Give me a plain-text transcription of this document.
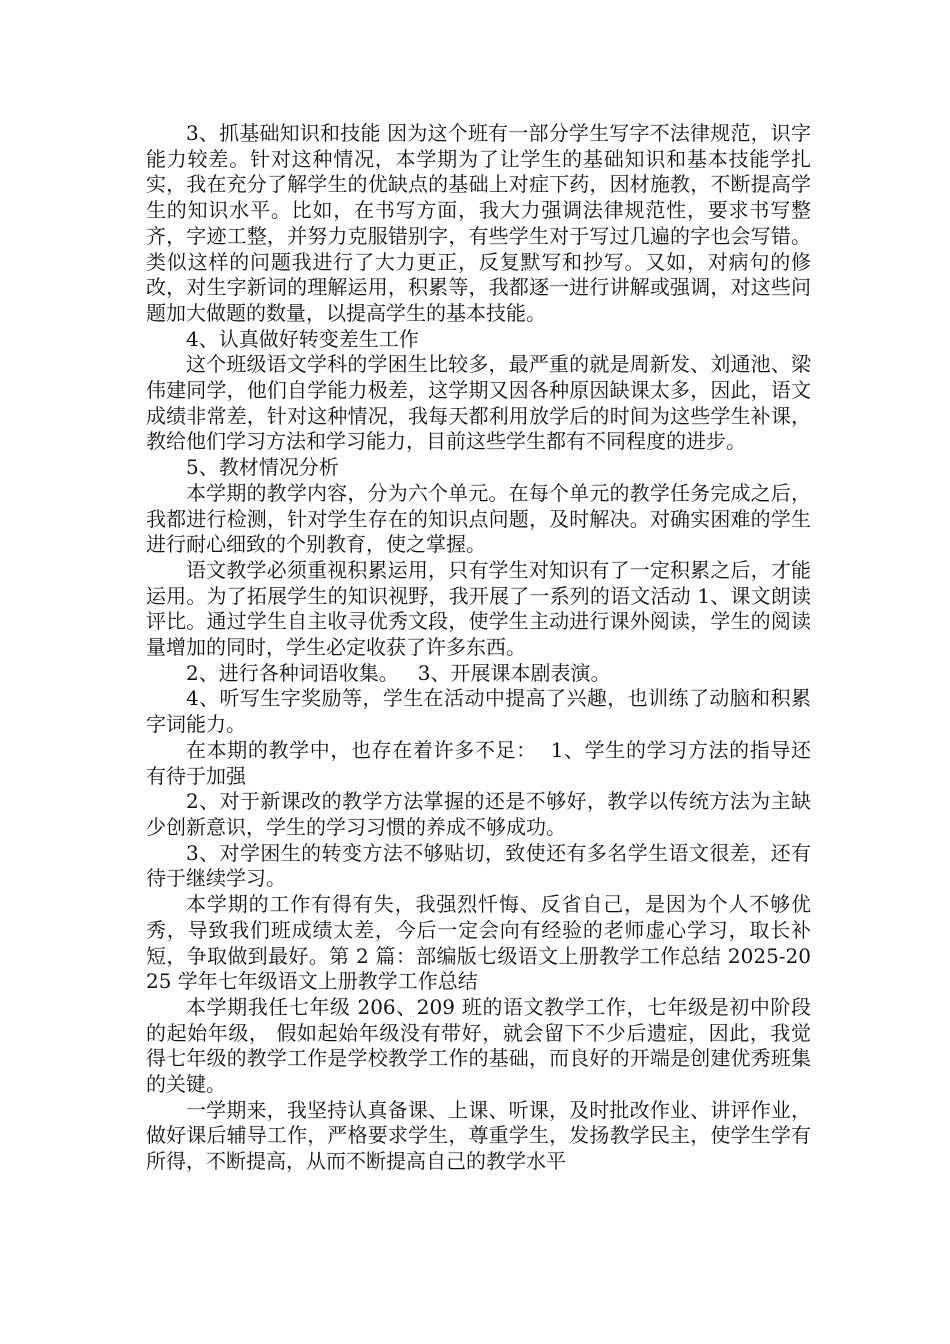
3、抓基础知识和技能 因为这个班有一部分学生写字不法律规范，识字能力较差。针对这种情况，本学期为了让学生的基础知识和基本技能学扎实，我在充分了解学生的优缺点的基础上对症下药，因材施教，不断提高学生的知识水平。比如，在书写方面，我大力强调法律规范性，要求书写整齐，字迹工整，并努力克服错别字，有些学生对于写过几遍的字也会写错。类似这样的问题我进行了大力更正，反复默写和抄写。又如，对病句的修改，对生字新词的理解运用，积累等，我都逐一进行讲解或强调，对这些问题加大做题的数量，以提高学生的基本技能。

4、认真做好转变差生工作

这个班级语文学科的学困生比较多，最严重的就是周新发、刘通池、梁伟建同学，他们自学能力极差，这学期又因各种原因缺课太多，因此，语文成绩非常差，针对这种情况，我每天都利用放学后的时间为这些学生补课，教给他们学习方法和学习能力，目前这些学生都有不同程度的进步。

5、教材情况分析

本学期的教学内容，分为六个单元。在每个单元的教学任务完成之后，我都进行检测，针对学生存在的知识点问题，及时解决。对确实困难的学生进行耐心细致的个别教育，使之掌握。

语文教学必须重视积累运用，只有学生对知识有了一定积累之后，才能运用。为了拓展学生的知识视野，我开展了一系列的语文活动 1、课文朗读评比。通过学生自主收寻优秀文段，使学生主动进行课外阅读，学生的阅读量增加的同时，学生必定收获了许多东西。

2、进行各种词语收集。   3、开展课本剧表演。

4、听写生字奖励等，学生在活动中提高了兴趣，也训练了动脑和积累字词能力。

在本期的教学中，也存在着许多不足：  1、学生的学习方法的指导还有待于加强

2、对于新课改的教学方法掌握的还是不够好，教学以传统方法为主缺少创新意识，学生的学习习惯的养成不够成功。

3、对学困生的转变方法不够贴切，致使还有多名学生语文很差，还有待于继续学习。

本学期的工作有得有失，我强烈忏悔、反省自己，是因为个人不够优秀，导致我们班成绩太差，今后一定会向有经验的老师虚心学习，取长补短，争取做到最好。第 2 篇：部编版七级语文上册教学工作总结 2025-2025 学年七年级语文上册教学工作总结

本学期我任七年级 206、209 班的语文教学工作，七年级是初中阶段的起始年级， 假如起始年级没有带好，就会留下不少后遗症，因此，我觉得七年级的教学工作是学校教学工作的基础，而良好的开端是创建优秀班集的关键。

一学期来，我坚持认真备课、上课、听课，及时批改作业、讲评作业，做好课后辅导工作，严格要求学生，尊重学生，发扬教学民主，使学生学有所得，不断提高，从而不断提高自己的教学水平
